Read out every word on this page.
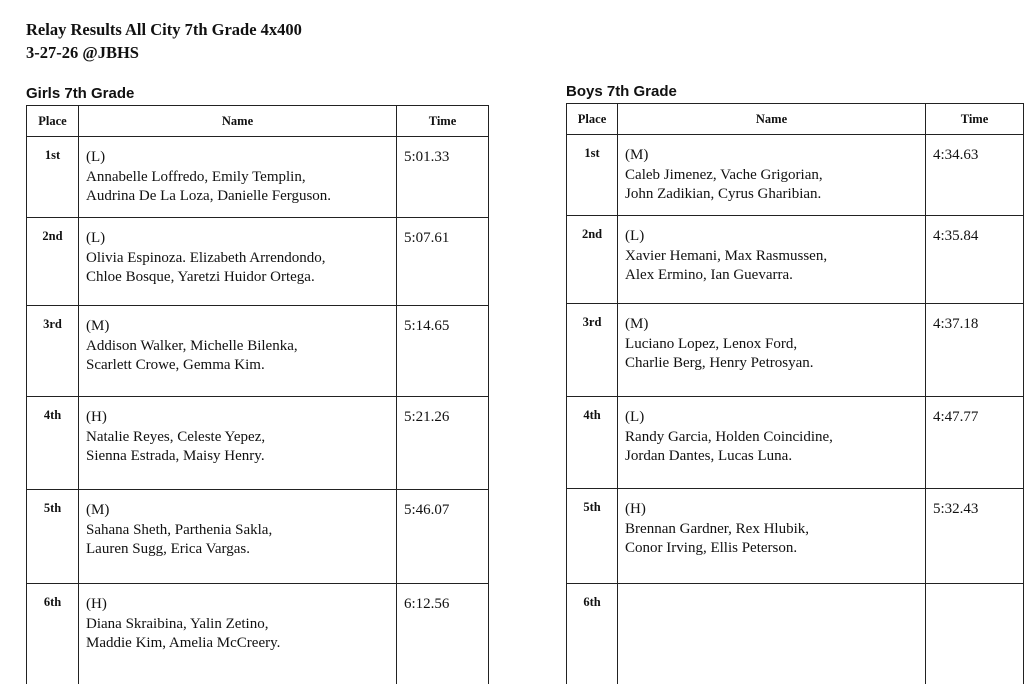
Relay Results All City 7th Grade 4x400
3-27-26 @JBHS
Girls 7th Grade	Boys 7th Grade
Place	Name	Time
1st	(L)
Annabelle Loffredo, Emily Templin,
Audrina De La Loza, Danielle Ferguson.	5:01.33
2nd	(L)
Olivia Espinoza. Elizabeth Arrendondo,
Chloe Bosque, Yaretzi Huidor Ortega.	5:07.61
3rd	(M)
Addison Walker, Michelle Bilenka,
Scarlett Crowe, Gemma Kim.	5:14.65
4th	(H)
Natalie Reyes, Celeste Yepez,
Sienna Estrada, Maisy Henry.	5:21.26
5th	(M)
Sahana Sheth, Parthenia Sakla,
Lauren Sugg, Erica Vargas.	5:46.07
6th	(H)
Diana Skraibina, Yalin Zetino,
Maddie Kim, Amelia McCreery.	6:12.56
Place	Name	Time
1st	(M)
Caleb Jimenez, Vache Grigorian,
John Zadikian, Cyrus Gharibian.	4:34.63
2nd	(L)
Xavier Hemani, Max Rasmussen,
Alex Ermino, Ian Guevarra.	4:35.84
3rd	(M)
Luciano Lopez, Lenox Ford,
Charlie Berg, Henry Petrosyan.	4:37.18
4th	(L)
Randy Garcia, Holden Coincidine,
Jordan Dantes, Lucas Luna.	4:47.77
5th	(H)
Brennan Gardner, Rex Hlubik,
Conor Irving, Ellis Peterson.	5:32.43
6th	
